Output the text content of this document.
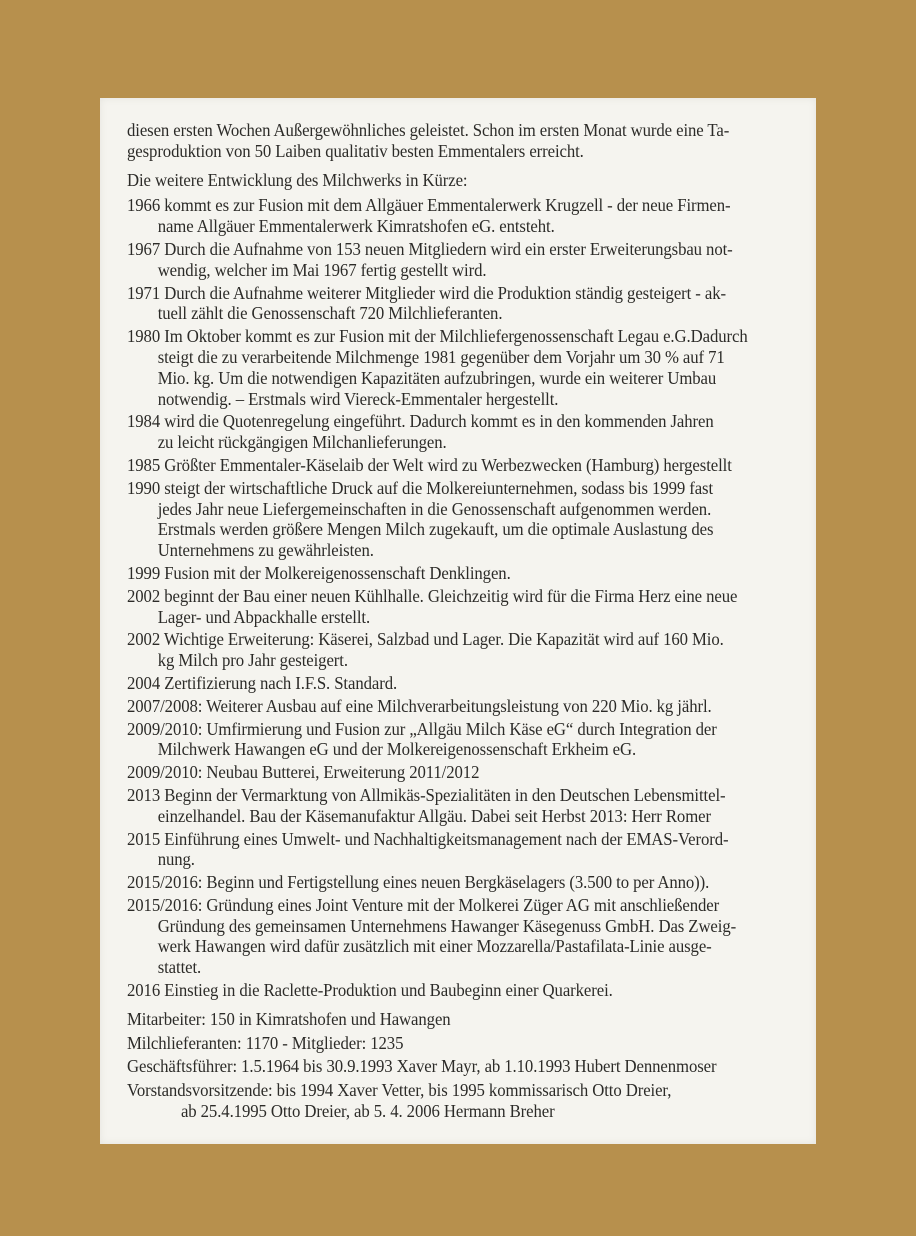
diesen ersten Wochen Außergewöhnliches geleistet. Schon im ersten Monat wurde eine Ta-
gesproduktion von 50 Laiben qualitativ besten Emmentalers erreicht.
Die weitere Entwicklung des Milchwerks in Kürze:
1966 kommt es zur Fusion mit dem Allgäuer Emmentalerwerk Krugzell - der neue Firmen-
name Allgäuer Emmentalerwerk Kimratshofen eG. entsteht.
1967 Durch die Aufnahme von 153 neuen Mitgliedern wird ein erster Erweiterungsbau not-
wendig, welcher im Mai 1967 fertig gestellt wird.
1971 Durch die Aufnahme weiterer Mitglieder wird die Produktion ständig gesteigert - ak-
tuell zählt die Genossenschaft 720 Milchlieferanten.
1980 Im Oktober kommt es zur Fusion mit der Milchliefergenossenschaft Legau e.G.Dadurch
steigt die zu verarbeitende Milchmenge 1981 gegenüber dem Vorjahr um 30 % auf 71
Mio. kg. Um die notwendigen Kapazitäten aufzubringen, wurde ein weiterer Umbau
notwendig. – Erstmals wird Viereck-Emmentaler hergestellt.
1984 wird die Quotenregelung eingeführt. Dadurch kommt es in den kommenden Jahren
zu leicht rückgängigen Milchanlieferungen.
1985 Größter Emmentaler-Käselaib der Welt wird zu Werbezwecken (Hamburg) hergestellt
1990 steigt der wirtschaftliche Druck auf die Molkereiunternehmen, sodass bis 1999 fast
jedes Jahr neue Liefergemeinschaften in die Genossenschaft aufgenommen werden.
Erstmals werden größere Mengen Milch zugekauft, um die optimale Auslastung des
Unternehmens zu gewährleisten.
1999 Fusion mit der Molkereigenossenschaft Denklingen.
2002 beginnt der Bau einer neuen Kühlhalle. Gleichzeitig wird für die Firma Herz eine neue
Lager- und Abpackhalle erstellt.
2002 Wichtige Erweiterung: Käserei, Salzbad und Lager. Die Kapazität wird auf 160 Mio.
kg Milch pro Jahr gesteigert.
2004 Zertifizierung nach I.F.S. Standard.
2007/2008: Weiterer Ausbau auf eine Milchverarbeitungsleistung von 220 Mio. kg jährl.
2009/2010: Umfirmierung und Fusion zur „Allgäu Milch Käse eG“ durch Integration der
Milchwerk Hawangen eG und der Molkereigenossenschaft Erkheim eG.
2009/2010: Neubau Butterei, Erweiterung 2011/2012
2013 Beginn der Vermarktung von Allmikäs-Spezialitäten in den Deutschen Lebensmittel-
einzelhandel. Bau der Käsemanufaktur Allgäu. Dabei seit Herbst 2013: Herr Romer
2015 Einführung eines Umwelt- und Nachhaltigkeitsmanagement nach der EMAS-Verord-
nung.
2015/2016: Beginn und Fertigstellung eines neuen Bergkäselagers (3.500 to per Anno)).
2015/2016: Gründung eines Joint Venture mit der Molkerei Züger AG mit anschließender
Gründung des gemeinsamen Unternehmens Hawanger Käsegenuss GmbH. Das Zweig-
werk Hawangen wird dafür zusätzlich mit einer Mozzarella/Pastafilata-Linie ausge-
stattet.
2016 Einstieg in die Raclette-Produktion und Baubeginn einer Quarkerei.
Mitarbeiter: 150 in Kimratshofen und Hawangen
Milchlieferanten: 1170 - Mitglieder: 1235
Geschäftsführer: 1.5.1964 bis 30.9.1993 Xaver Mayr, ab 1.10.1993 Hubert Dennenmoser
Vorstandsvorsitzende: bis 1994 Xaver Vetter, bis 1995 kommissarisch Otto Dreier,
ab 25.4.1995 Otto Dreier, ab 5. 4. 2006 Hermann Breher
